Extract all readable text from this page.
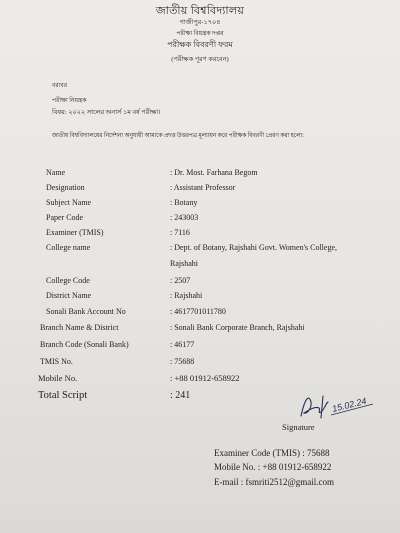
জাতীয় বিশ্ববিদ্যালয়
গাজীপুর-১৭০৪
পরীক্ষা বিয়ন্ত্রক দপ্তর
পরীক্ষক বিবরণী ফরম
(পরীক্ষক পূরণ করবেন)
বরাবর
পরীক্ষা নিয়ন্ত্রক
বিষয়: ২০২২ সালের অনার্স ১ম বর্ষ পরীক্ষা।
জাতীয় বিশ্ববিদ্যালয়ের নির্দেশনা অনুযায়ী আমাকে প্রদত্ত উত্তরপত্র মূল্যায়ন করে পরীক্ষক বিবরণী প্রেরণ করা হলো:
Name	: Dr. Most. Farhana Begom
Designation	: Assistant Professor
Subject Name	: Botany
Paper Code	: 243003
Examiner (TMIS)	: 7116
College name	: Dept. of Botany, Rajshahi Govt. Women's College,
Rajshahi
College Code	: 2507
District Name	: Rajshahi
Sonali Bank Account No	: 4617701011780
Branch Name & District	: Sonali Bank Corporate Branch, Rajshahi
Branch Code (Sonali Bank)	: 46177
TMIS No.	: 75688
Mobile No.	: +88 01912-658922
Total Script	: 241
15.02.24
Signature
Examiner Code (TMIS) : 75688
Mobile No. : +88 01912-658922
E-mail : fsmriti2512@gmail.com
